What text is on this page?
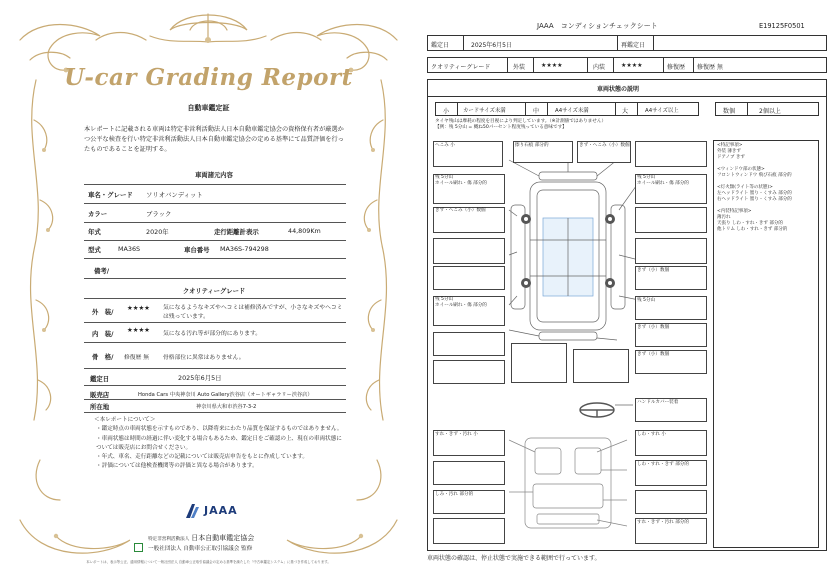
U-car Grading Report
自動車鑑定証
本レポートに記載される車両は特定非営利活動法人日本自動車鑑定協会の資格保有者が厳選かつ公平な検査を行い特定非営利活動法人日本自動車鑑定協会の定める基準にて品質評価を行ったものであることを証明する。
車両諸元内容
車名・グレード ソリオバンディット
カラー	ブラック
年式	2020年	走行距離計表示	44,809Km
型式	MA36S	車台番号 MA36S-794298
備考/
クオリティーグレード
外　装/ ★★★★ 気になるようなキズやヘコミは補修済みですが、小さなキズやヘコミは残っています。
内　装/ ★★★★ 気になる汚れ等が部分的にあります。
骨　格/ 修復歴 無 骨格部位に異常はありません。
鑑定日	2025年6月5日
販売店	Honda Cars 中央神奈川 Auto Gallery渋谷店（オートギャラリー渋谷店）
所在地	神奈川県大和市渋谷7-3-2
＜本レポートについて＞
・鑑定時点の車両状態を示すものであり、以降将来にわたり品質を保証するものではありません。
・車両状態は時間の経過に伴い変化する場合もあるため、鑑定日をご確認の上、現在の車両状態については販売店にお問合せください。
・年式、車名、走行距離などの記載については販売店申告をもとに作成しています。
・評価については他検査機関等の評価と異なる場合があります。
JAAA
特定非営利活動法人 日本自動車鑑定協会
一般社団法人 自動車公正取引協議会 監修
本レポートは、表示等公正、適用情報について一般社団法人 自動車公正取引協議会の定める基準を満たした「中古車鑑定システム」に基づき作成しております。
JAAA　コンディションチェックシート	E19125F0501
鑑定日	2025年6月5日	再鑑定日
クオリティーグレード	外装	★★★★	内装	★★★★	修復歴 修復歴 無
車両状態の説明
小	カードサイズ未満	中	A4サイズ未満	大	A4サイズ以上	数個	2個以上
タイヤ残山は摩耗の程度を目視により判定しています。（※計測値ではありません）
【例：残 5分山 = 概ね50パーセント程度残っている意味です】
<特記事項>
外装 薄きず
ドアノブ きず

<ウィンドウ部の状態>
フロントウィンドウ 飛び石痕 部分的

<灯火類(ライト等の状態)>
左ヘッドライト 曇り・くすみ 部分的
右ヘッドライト 曇り・くすみ 部分的

<内装特記事項>
薄汚れ
天張り しわ・すれ・きず 部分的
他トリム しわ・すれ・きず 部分的
へこみ 小	擦り石痕 部分的	きず・へこみ（小）数個
残 5分山
ホイール刷れ・傷 部分的
残 5分山
ホイール刷れ・傷 部分的
きず・へこみ（小）数個
きず（小）数個
残 5分山
ホイール刷れ・傷 部分的
残 5分山
きず（小）数個
きず（小）数個
ハンドルカバー装着
すれ・きず・汚れ 小	しわ・すれ 小
しわ・すれ・きず 部分的
しみ・汚れ 部分的
すれ・きず・汚れ 部分的
車両状態の確認は、停止状態で実施できる範囲で行っています。
